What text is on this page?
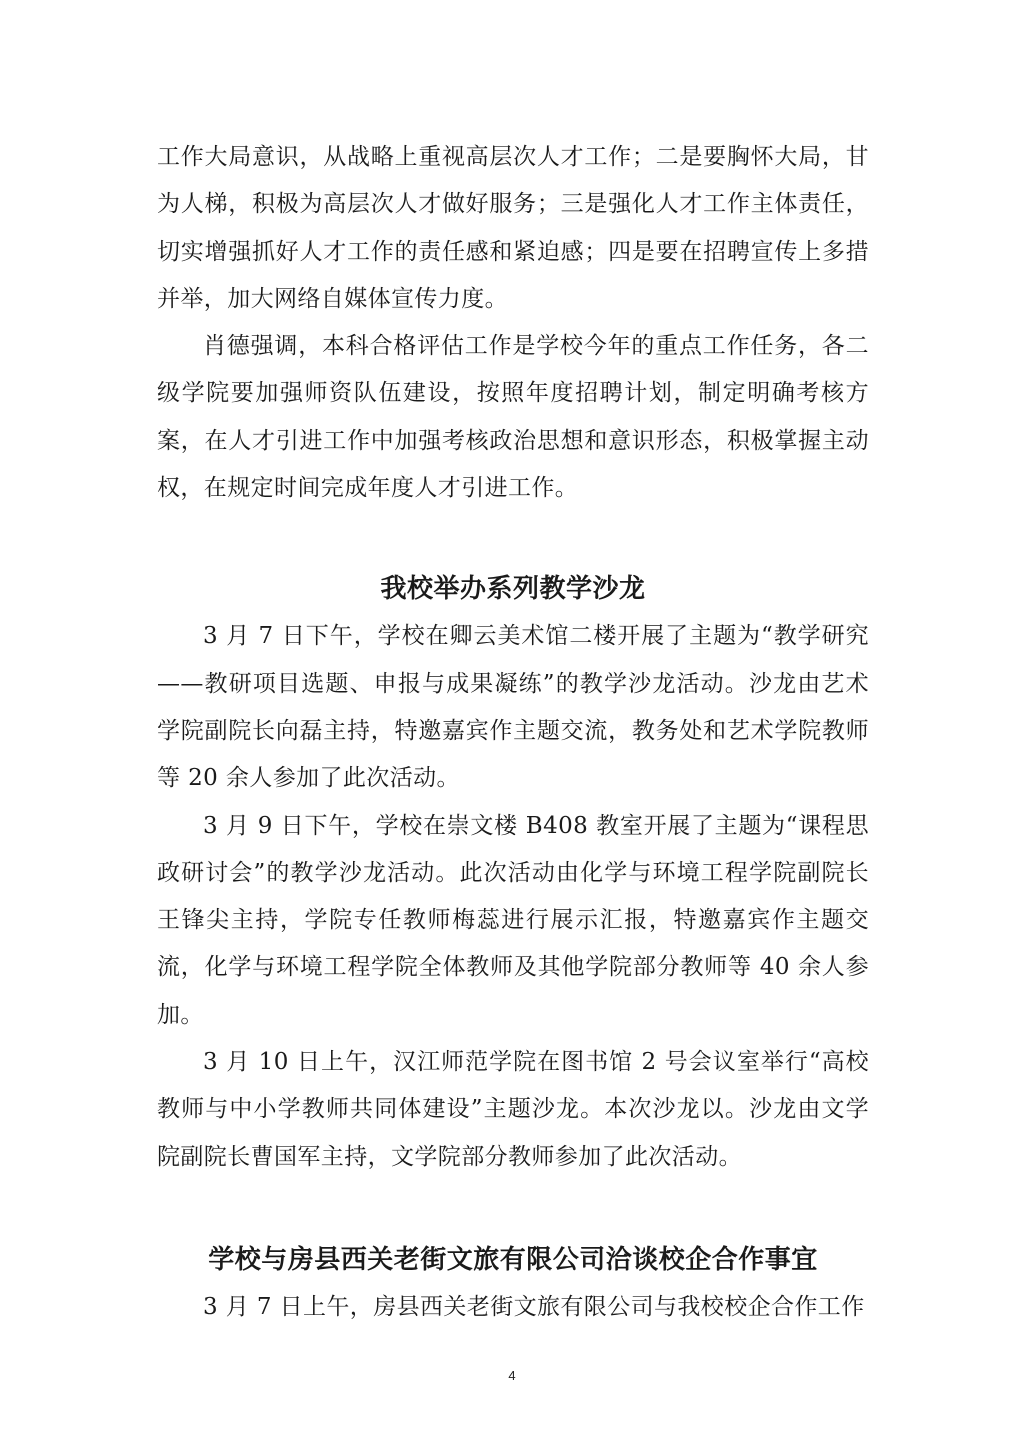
工作大局意识，从战略上重视高层次人才工作；二是要胸怀大局，甘为人梯，积极为高层次人才做好服务；三是强化人才工作主体责任，切实增强抓好人才工作的责任感和紧迫感；四是要在招聘宣传上多措并举，加大网络自媒体宣传力度。

肖德强调，本科合格评估工作是学校今年的重点工作任务，各二级学院要加强师资队伍建设，按照年度招聘计划，制定明确考核方案，在人才引进工作中加强考核政治思想和意识形态，积极掌握主动权，在规定时间完成年度人才引进工作。

我校举办系列教学沙龙

3 月 7 日下午，学校在卿云美术馆二楼开展了主题为“教学研究——教研项目选题、申报与成果凝练”的教学沙龙活动。沙龙由艺术学院副院长向磊主持，特邀嘉宾作主题交流，教务处和艺术学院教师等 20 余人参加了此次活动。

3 月 9 日下午，学校在崇文楼 B408 教室开展了主题为“课程思政研讨会”的教学沙龙活动。此次活动由化学与环境工程学院副院长王锋尖主持，学院专任教师梅蕊进行展示汇报，特邀嘉宾作主题交流，化学与环境工程学院全体教师及其他学院部分教师等 40 余人参加。

3 月 10 日上午，汉江师范学院在图书馆 2 号会议室举行“高校教师与中小学教师共同体建设”主题沙龙。本次沙龙以。沙龙由文学院副院长曹国军主持，文学院部分教师参加了此次活动。

学校与房县西关老街文旅有限公司洽谈校企合作事宜

3 月 7 日上午，房县西关老街文旅有限公司与我校校企合作工作

4
